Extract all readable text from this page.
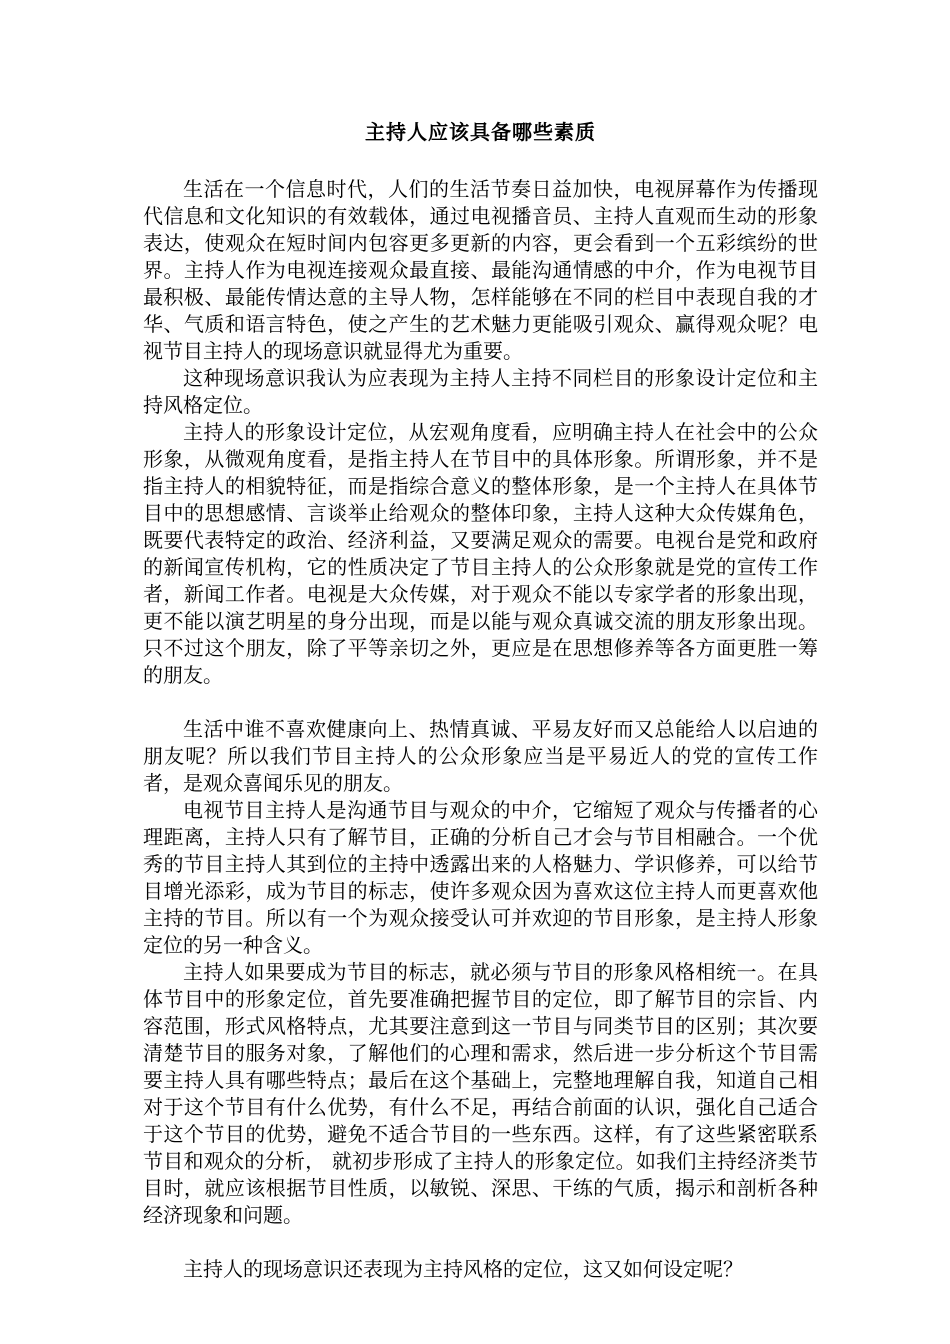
主持人应该具备哪些素质

生活在一个信息时代，人们的生活节奏日益加快，电视屏幕作为传播现代信息和文化知识的有效载体，通过电视播音员、主持人直观而生动的形象表达，使观众在短时间内包容更多更新的内容，更会看到一个五彩缤纷的世界。主持人作为电视连接观众最直接、最能沟通情感的中介，作为电视节目最积极、最能传情达意的主导人物，怎样能够在不同的栏目中表现自我的才华、气质和语言特色，使之产生的艺术魅力更能吸引观众、赢得观众呢？电视节目主持人的现场意识就显得尤为重要。

这种现场意识我认为应表现为主持人主持不同栏目的形象设计定位和主持风格定位。

主持人的形象设计定位，从宏观角度看，应明确主持人在社会中的公众形象，从微观角度看，是指主持人在节目中的具体形象。所谓形象，并不是指主持人的相貌特征，而是指综合意义的整体形象，是一个主持人在具体节目中的思想感情、言谈举止给观众的整体印象，主持人这种大众传媒角色，既要代表特定的政治、经济利益，又要满足观众的需要。电视台是党和政府的新闻宣传机构，它的性质决定了节目主持人的公众形象就是党的宣传工作者，新闻工作者。电视是大众传媒，对于观众不能以专家学者的形象出现，更不能以演艺明星的身分出现，而是以能与观众真诚交流的朋友形象出现。只不过这个朋友，除了平等亲切之外，更应是在思想修养等各方面更胜一筹的朋友。

生活中谁不喜欢健康向上、热情真诚、平易友好而又总能给人以启迪的朋友呢？所以我们节目主持人的公众形象应当是平易近人的党的宣传工作者，是观众喜闻乐见的朋友。

电视节目主持人是沟通节目与观众的中介，它缩短了观众与传播者的心理距离，主持人只有了解节目，正确的分析自己才会与节目相融合。一个优秀的节目主持人其到位的主持中透露出来的人格魅力、学识修养，可以给节目增光添彩，成为节目的标志，使许多观众因为喜欢这位主持人而更喜欢他主持的节目。所以有一个为观众接受认可并欢迎的节目形象，是主持人形象定位的另一种含义。

主持人如果要成为节目的标志，就必须与节目的形象风格相统一。在具体节目中的形象定位，首先要准确把握节目的定位，即了解节目的宗旨、内容范围，形式风格特点，尤其要注意到这一节目与同类节目的区别；其次要清楚节目的服务对象，了解他们的心理和需求，然后进一步分析这个节目需要主持人具有哪些特点；最后在这个基础上，完整地理解自我，知道自己相对于这个节目有什么优势，有什么不足，再结合前面的认识，强化自己适合于这个节目的优势，避免不适合节目的一些东西。这样，有了这些紧密联系节目和观众的分析， 就初步形成了主持人的形象定位。如我们主持经济类节目时，就应该根据节目性质，以敏锐、深思、干练的气质，揭示和剖析各种经济现象和问题。

主持人的现场意识还表现为主持风格的定位，这又如何设定呢？
